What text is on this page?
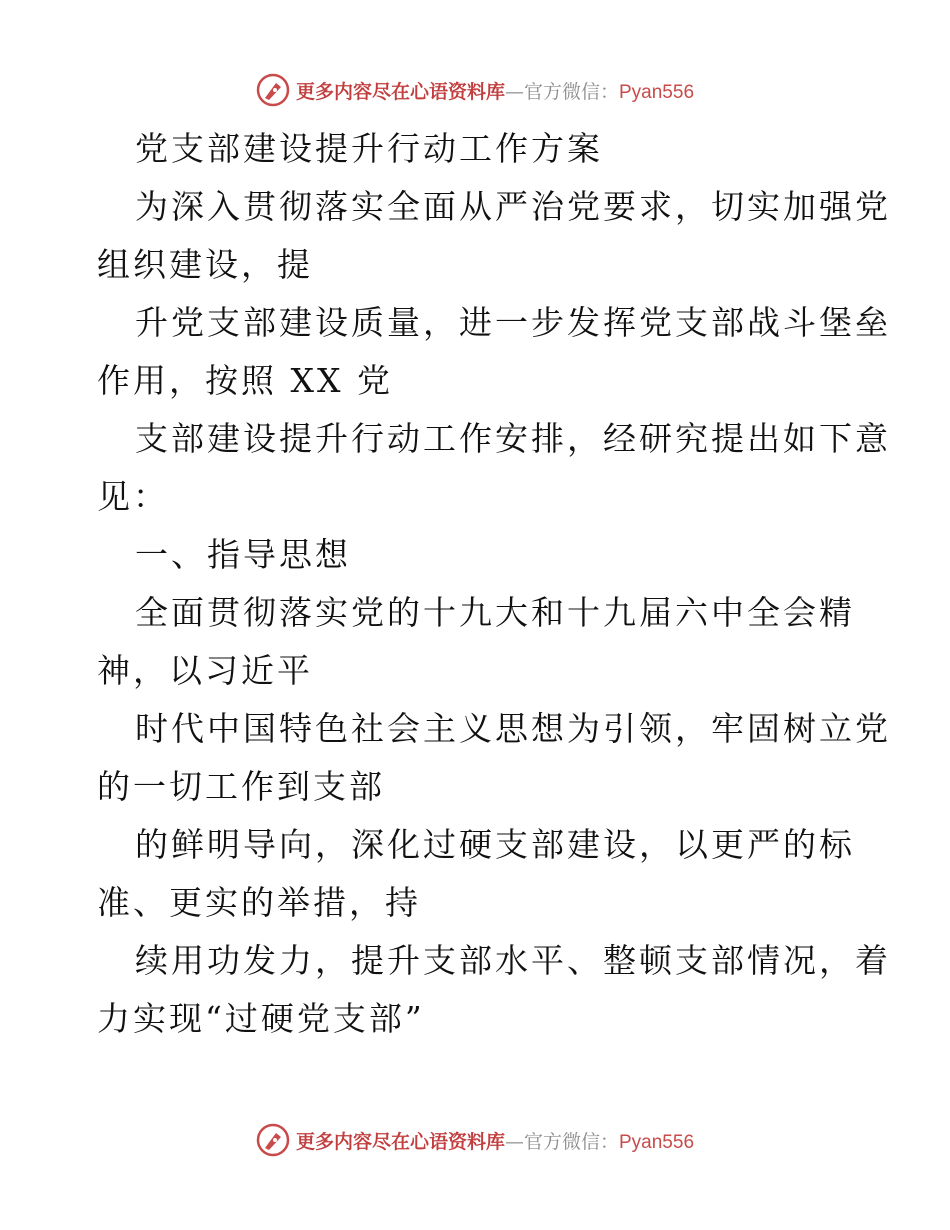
更多内容尽在心语资料库—官方微信：Pyan556
党支部建设提升行动工作方案
为深入贯彻落实全面从严治党要求，切实加强党
组织建设，提
升党支部建设质量，进一步发挥党支部战斗堡垒
作用，按照 XX 党
支部建设提升行动工作安排，经研究提出如下意
见：
一、指导思想
全面贯彻落实党的十九大和十九届六中全会精
神，以习近平
时代中国特色社会主义思想为引领，牢固树立党
的一切工作到支部
的鲜明导向，深化过硬支部建设，以更严的标
准、更实的举措，持
续用功发力，提升支部水平、整顿支部情况，着
力实现“过硬党支部”
更多内容尽在心语资料库—官方微信：Pyan556
